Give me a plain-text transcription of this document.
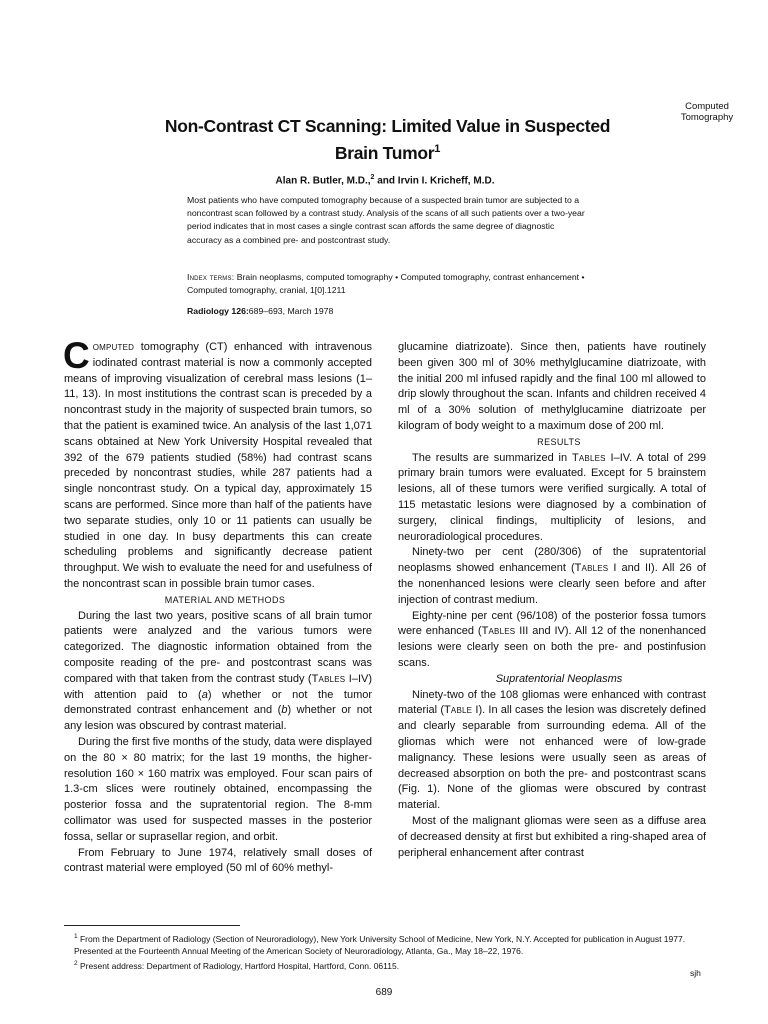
Computed Tomography
Non-Contrast CT Scanning: Limited Value in Suspected Brain Tumor$^1$
Alan R. Butler, M.D.,$^2$ and Irvin I. Kricheff, M.D.
Most patients who have computed tomography because of a suspected brain tumor are subjected to a noncontrast scan followed by a contrast study. Analysis of the scans of all such patients over a two-year period indicates that in most cases a single contrast scan affords the same degree of diagnostic accuracy as a combined pre- and postcontrast study.
Index terms: Brain neoplasms, computed tomography • Computed tomography, contrast enhancement • Computed tomography, cranial, 1[0].1211
Radiology 126:689–693, March 1978

Computed tomography (CT) enhanced with intravenous iodinated contrast material is now a commonly accepted means of improving visualization of cerebral mass lesions (1–11, 13). In most institutions the contrast scan is preceded by a noncontrast study in the majority of suspected brain tumors, so that the patient is examined twice. An analysis of the last 1,071 scans obtained at New York University Hospital revealed that 392 of the 679 patients studied (58%) had contrast scans preceded by noncontrast studies, while 287 patients had a single noncontrast study. On a typical day, approximately 15 scans are performed. Since more than half of the patients have two separate studies, only 10 or 11 patients can usually be studied in one day. In busy departments this can create scheduling problems and significantly decrease patient throughput. We wish to evaluate the need for and usefulness of the noncontrast scan in possible brain tumor cases.

MATERIAL AND METHODS

During the last two years, positive scans of all brain tumor patients were analyzed and the various tumors were categorized. The diagnostic information obtained from the composite reading of the pre- and postcontrast scans was compared with that taken from the contrast study (Tables I–IV) with attention paid to (a) whether or not the tumor demonstrated contrast enhancement and (b) whether or not any lesion was obscured by contrast material.

During the first five months of the study, data were displayed on the 80 × 80 matrix; for the last 19 months, the higher-resolution 160 × 160 matrix was employed. Four scan pairs of 1.3-cm slices were routinely obtained, encompassing the posterior fossa and the supratentorial region. The 8-mm collimator was used for suspected masses in the posterior fossa, sellar or suprasellar region, and orbit.

From February to June 1974, relatively small doses of contrast material were employed (50 ml of 60% methyl-

glucamine diatrizoate). Since then, patients have routinely been given 300 ml of 30% methylglucamine diatrizoate, with the initial 200 ml infused rapidly and the final 100 ml allowed to drip slowly throughout the scan. Infants and children received 4 ml of a 30% solution of methylglucamine diatrizoate per kilogram of body weight to a maximum dose of 200 ml.

RESULTS

The results are summarized in Tables I–IV. A total of 299 primary brain tumors were evaluated. Except for 5 brainstem lesions, all of these tumors were verified surgically. A total of 115 metastatic lesions were diagnosed by a combination of surgery, clinical findings, multiplicity of lesions, and neuroradiological procedures.

Ninety-two per cent (280/306) of the supratentorial neoplasms showed enhancement (Tables I and II). All 26 of the nonenhanced lesions were clearly seen before and after injection of contrast medium.

Eighty-nine per cent (96/108) of the posterior fossa tumors were enhanced (Tables III and IV). All 12 of the nonenhanced lesions were clearly seen on both the pre- and postinfusion scans.

Supratentorial Neoplasms

Ninety-two of the 108 gliomas were enhanced with contrast material (Table I). In all cases the lesion was discretely defined and clearly separable from surrounding edema. All of the gliomas which were not enhanced were of low-grade malignancy. These lesions were usually seen as areas of decreased absorption on both the pre- and postcontrast scans (Fig. 1). None of the gliomas were obscured by contrast material.

Most of the malignant gliomas were seen as a diffuse area of decreased density at first but exhibited a ring-shaped area of peripheral enhancement after contrast

$^1$ From the Department of Radiology (Section of Neuroradiology), New York University School of Medicine, New York, N.Y. Accepted for publication in August 1977.

Presented at the Fourteenth Annual Meeting of the American Society of Neuroradiology, Atlanta, Ga., May 18–22, 1976.

$^2$ Present address: Department of Radiology, Hartford Hospital, Hartford, Conn. 06115.

sjh
689
